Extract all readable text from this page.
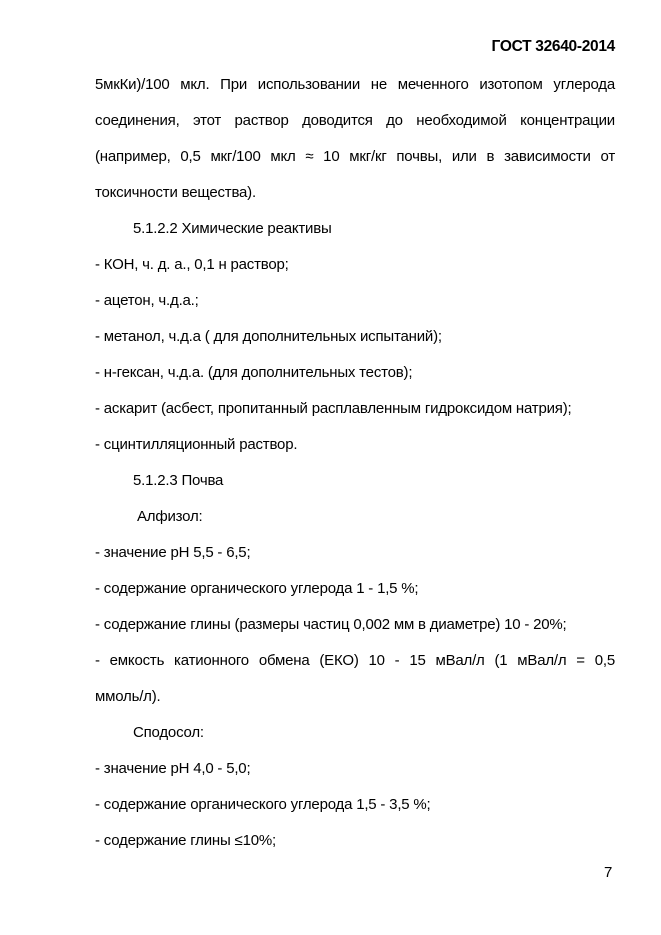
ГОСТ 32640-2014
5мкКи)/100 мкл. При использовании не меченного изотопом углерода
соединения, этот раствор доводится до необходимой концентрации
(например, 0,5 мкг/100 мкл ≈ 10 мкг/кг почвы, или в зависимости от
токсичности вещества).
5.1.2.2 Химические реактивы
- КОН, ч. д. а., 0,1 н раствор;
- ацетон, ч.д.а.;
- метанол, ч.д.а ( для дополнительных испытаний);
- н-гексан, ч.д.а. (для дополнительных тестов);
- аскарит (асбест, пропитанный расплавленным гидроксидом натрия);
- сцинтилляционный раствор.
5.1.2.3 Почва
Алфизол:
- значение pH 5,5 - 6,5;
- содержание органического углерода 1 - 1,5 %;
- содержание глины (размеры частиц 0,002 мм в диаметре) 10 - 20%;
- емкость катионного обмена (ЕКО) 10 - 15 мВал/л (1 мВал/л = 0,5
ммоль/л).
Сподосол:
- значение pH 4,0 - 5,0;
- содержание органического углерода 1,5 - 3,5 %;
- содержание глины ≤10%;
7
